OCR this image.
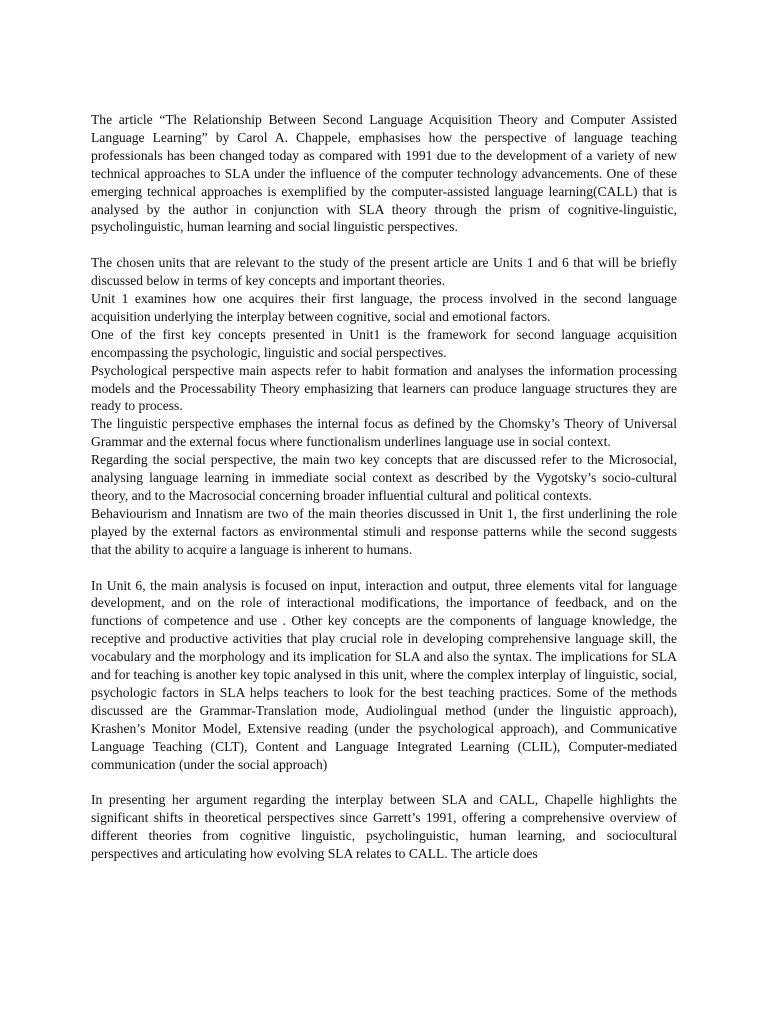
The article “The Relationship Between Second Language Acquisition Theory and Computer Assisted Language Learning” by Carol A. Chappele, emphasises how the perspective of language teaching professionals has been changed today as compared with 1991 due to the development of a variety of new technical approaches to SLA under the influence of the computer technology advancements. One of these emerging technical approaches is exemplified by the computer-assisted language learning(CALL) that is analysed by the author in conjunction with SLA theory through the prism of cognitive-linguistic, psycholinguistic, human learning and social linguistic perspectives.

The chosen units that are relevant to the study of the present article are Units 1 and 6 that will be briefly discussed below in terms of key concepts and important theories.

Unit 1 examines how one acquires their first language, the process involved in the second language acquisition underlying the interplay between cognitive, social and emotional factors.

One of the first key concepts presented in Unit1 is the framework for second language acquisition encompassing the psychologic, linguistic and social perspectives.

Psychological perspective main aspects refer to habit formation and analyses the information processing models and the Processability Theory emphasizing that learners can produce language structures they are ready to process.

The linguistic perspective emphases the internal focus as defined by the Chomsky’s Theory of Universal Grammar and the external focus where functionalism underlines language use in social context.

Regarding the social perspective, the main two key concepts that are discussed refer to the Microsocial, analysing language learning in immediate social context as described by the Vygotsky’s socio-cultural theory, and to the Macrosocial concerning broader influential cultural and political contexts.

Behaviourism and Innatism are two of the main theories discussed in Unit 1, the first underlining the role played by the external factors as environmental stimuli and response patterns while the second suggests that the ability to acquire a language is inherent to humans.

In Unit 6, the main analysis is focused on input, interaction and output, three elements vital for language development, and on the role of interactional modifications, the importance of feedback, and on the functions of competence and use . Other key concepts are the components of language knowledge, the receptive and productive activities that play crucial role in developing comprehensive language skill, the vocabulary and the morphology and its implication for SLA and also the syntax. The implications for SLA and for teaching is another key topic analysed in this unit, where the complex interplay of linguistic, social, psychologic factors in SLA helps teachers to look for the best teaching practices. Some of the methods discussed are the Grammar-Translation mode, Audiolingual method (under the linguistic approach), Krashen’s Monitor Model, Extensive reading (under the psychological approach), and Communicative Language Teaching (CLT), Content and Language Integrated Learning (CLIL), Computer-mediated communication (under the social approach)

In presenting her argument regarding the interplay between SLA and CALL, Chapelle highlights the significant shifts in theoretical perspectives since Garrett’s 1991, offering a comprehensive overview of different theories from cognitive linguistic, psycholinguistic, human learning, and sociocultural perspectives and articulating how evolving SLA relates to CALL. The article does
